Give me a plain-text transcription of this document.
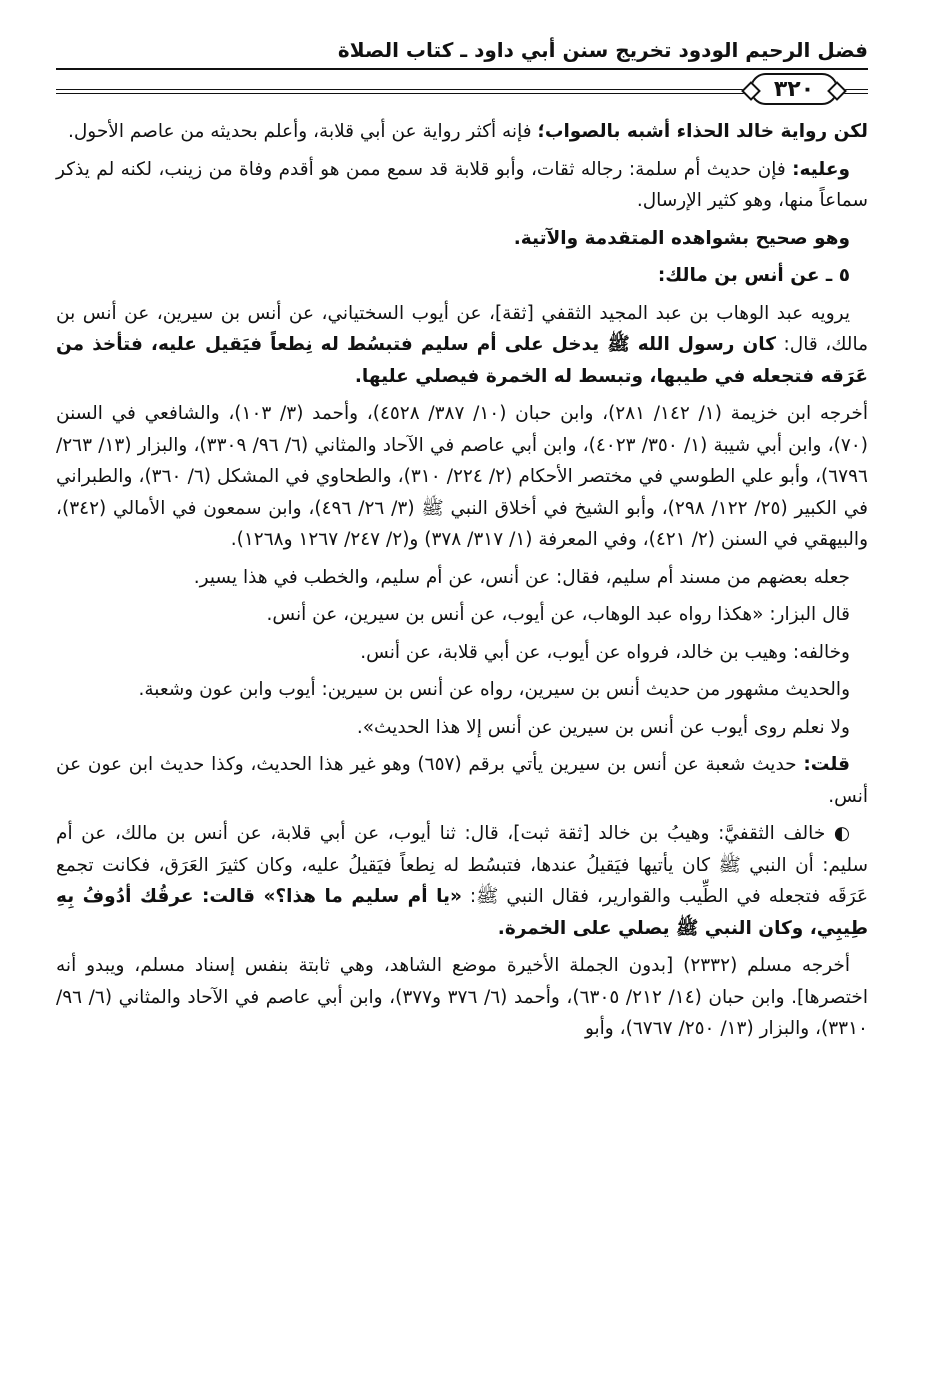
فضل الرحيم الودود تخريج سنن أبي داود ـ كتاب الصلاة
٣٢٠

لكن رواية خالد الحذاء أشبه بالصواب؛ فإنه أكثر رواية عن أبي قلابة، وأعلم بحديثه من عاصم الأحول.

وعليه: فإن حديث أم سلمة: رجاله ثقات، وأبو قلابة قد سمع ممن هو أقدم وفاة من زينب، لكنه لم يذكر سماعاً منها، وهو كثير الإرسال.

وهو صحيح بشواهده المتقدمة والآتية.

٥ ـ عن أنس بن مالك:

يرويه عبد الوهاب بن عبد المجيد الثقفي [ثقة]، عن أيوب السختياني، عن أنس بن سيرين، عن أنس بن مالك، قال: كان رسول الله ﷺ يدخل على أم سليم فتبسُط له نِطعاً فيَقيل عليه، فتأخذ من عَرَقه فتجعله في طيبها، وتبسط له الخمرة فيصلي عليها.

أخرجه ابن خزيمة (١/ ١٤٢/ ٢٨١)، وابن حبان (١٠/ ٣٨٧/ ٤٥٢٨)، وأحمد (٣/ ١٠٣)، والشافعي في السنن (٧٠)، وابن أبي شيبة (١/ ٣٥٠/ ٤٠٢٣)، وابن أبي عاصم في الآحاد والمثاني (٦/ ٩٦/ ٣٣٠٩)، والبزار (١٣/ ٢٦٣/ ٦٧٩٦)، وأبو علي الطوسي في مختصر الأحكام (٢/ ٢٢٤/ ٣١٠)، والطحاوي في المشكل (٦/ ٣٦٠)، والطبراني في الكبير (٢٥/ ١٢٢/ ٢٩٨)، وأبو الشيخ في أخلاق النبي ﷺ (٣/ ٢٦/ ٤٩٦)، وابن سمعون في الأمالي (٣٤٢)، والبيهقي في السنن (٢/ ٤٢١)، وفي المعرفة (١/ ٣١٧/ ٣٧٨) و(٢/ ٢٤٧/ ١٢٦٧ و١٢٦٨).

جعله بعضهم من مسند أم سليم، فقال: عن أنس، عن أم سليم، والخطب في هذا يسير.

قال البزار: «هكذا رواه عبد الوهاب، عن أيوب، عن أنس بن سيرين، عن أنس.

وخالفه: وهيب بن خالد، فرواه عن أيوب، عن أبي قلابة، عن أنس.

والحديث مشهور من حديث أنس بن سيرين، رواه عن أنس بن سيرين: أيوب وابن عون وشعبة.

ولا نعلم روى أيوب عن أنس بن سيرين عن أنس إلا هذا الحديث».

قلت: حديث شعبة عن أنس بن سيرين يأتي برقم (٦٥٧) وهو غير هذا الحديث، وكذا حديث ابن عون عن أنس.

◐ خالف الثقفيَّ: وهيبُ بن خالد [ثقة ثبت]، قال: ثنا أيوب، عن أبي قلابة، عن أنس بن مالك، عن أم سليم: أن النبي ﷺ كان يأتيها فيَقيلُ عندها، فتبسُط له نِطعاً فيَقيلُ عليه، وكان كثيرَ العَرَق، فكانت تجمع عَرَقَه فتجعله في الطِّيب والقوارير، فقال النبي ﷺ: «يا أم سليم ما هذا؟» قالت: عرقُك أدُوفُ بِهِ طِيبِي، وكان النبي ﷺ يصلي على الخمرة.

أخرجه مسلم (٢٣٣٢) [بدون الجملة الأخيرة موضع الشاهد، وهي ثابتة بنفس إسناد مسلم، ويبدو أنه اختصرها]. وابن حبان (١٤/ ٢١٢/ ٦٣٠٥)، وأحمد (٦/ ٣٧٦ و٣٧٧)، وابن أبي عاصم في الآحاد والمثاني (٦/ ٩٦/ ٣٣١٠)، والبزار (١٣/ ٢٥٠/ ٦٧٦٧)، وأبو
